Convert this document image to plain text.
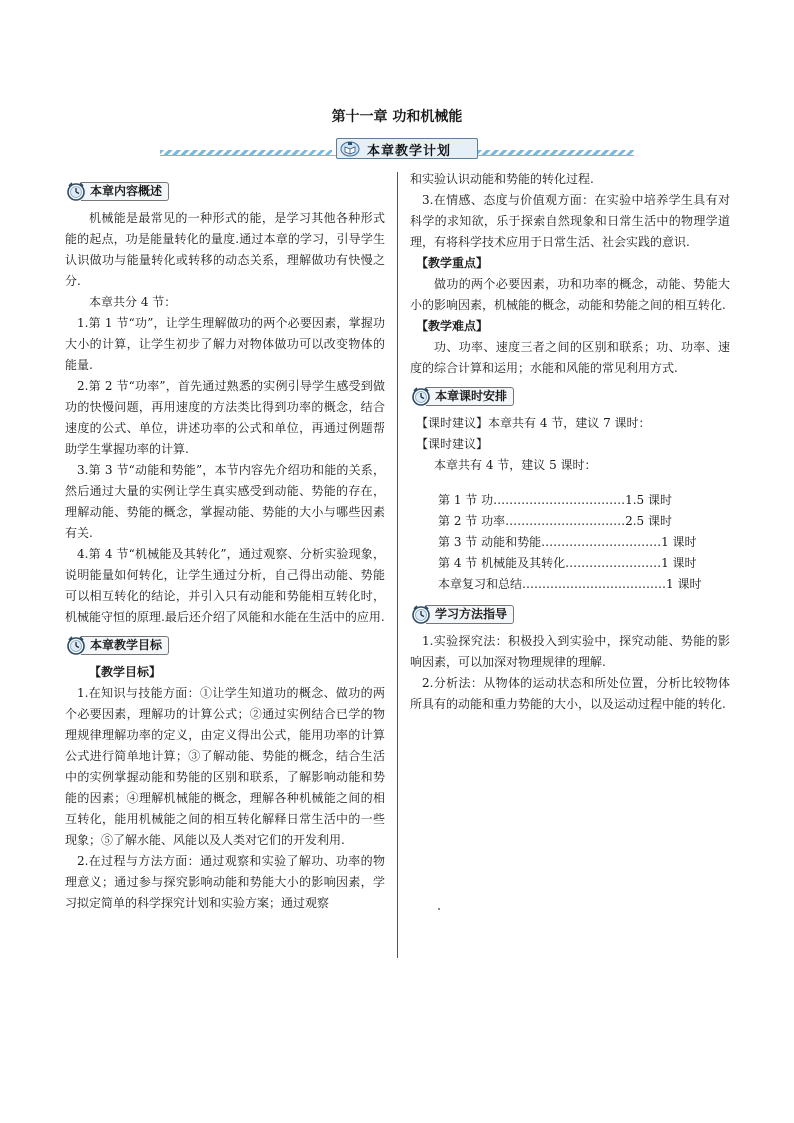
第十一章 功和机械能
本章教学计划
本章内容概述

机械能是最常见的一种形式的能，是学习其他各种形式能的起点，功是能量转化的量度.通过本章的学习，引导学生认识做功与能量转化或转移的动态关系，理解做功有快慢之分.

本章共分 4 节：

1.第 1 节“功”，让学生理解做功的两个必要因素，掌握功大小的计算，让学生初步了解力对物体做功可以改变物体的能量.

2.第 2 节“功率”，首先通过熟悉的实例引导学生感受到做功的快慢问题，再用速度的方法类比得到功率的概念，结合速度的公式、单位，讲述功率的公式和单位，再通过例题帮助学生掌握功率的计算.

3.第 3 节“动能和势能”，本节内容先介绍功和能的关系，然后通过大量的实例让学生真实感受到动能、势能的存在，理解动能、势能的概念，掌握动能、势能的大小与哪些因素有关.

4.第 4 节“机械能及其转化”，通过观察、分析实验现象，说明能量如何转化，让学生通过分析，自己得出动能、势能可以相互转化的结论，并引入只有动能和势能相互转化时，机械能守恒的原理.最后还介绍了风能和水能在生活中的应用.

本章教学目标

【教学目标】

1.在知识与技能方面：①让学生知道功的概念、做功的两个必要因素，理解功的计算公式；②通过实例结合已学的物理规律理解功率的定义，由定义得出公式，能用功率的计算公式进行简单地计算；③了解动能、势能的概念，结合生活中的实例掌握动能和势能的区别和联系，了解影响动能和势能的因素；④理解机械能的概念，理解各种机械能之间的相互转化，能用机械能之间的相互转化解释日常生活中的一些现象；⑤了解水能、风能以及人类对它们的开发利用.

2.在过程与方法方面：通过观察和实验了解功、功率的物理意义；通过参与探究影响动能和势能大小的影响因素，学习拟定简单的科学探究计划和实验方案；通过观察

和实验认识动能和势能的转化过程.

3.在情感、态度与价值观方面：在实验中培养学生具有对科学的求知欲，乐于探索自然现象和日常生活中的物理学道理，有将科学技术应用于日常生活、社会实践的意识.

【教学重点】

做功的两个必要因素，功和功率的概念，动能、势能大小的影响因素，机械能的概念，动能和势能之间的相互转化.

【教学难点】

功、功率、速度三者之间的区别和联系；功、功率、速度的综合计算和运用；水能和风能的常见利用方式.

本章课时安排

【课时建议】本章共有 4 节，建议 7 课时：

【课时建议】

本章共有 4 节，建议 5 课时：

第 1 节 功……………………………1.5 课时
第 2 节 功率…………………………2.5 课时
第 3 节 动能和势能…………………………1 课时
第 4 节 机械能及其转化……………………1 课时
本章复习和总结………………………………1 课时
学习方法指导

1.实验探究法：积极投入到实验中，探究动能、势能的影响因素，可以加深对物理规律的理解.

2.分析法：从物体的运动状态和所处位置，分析比较物体所具有的动能和重力势能的大小，以及运动过程中能的转化.
